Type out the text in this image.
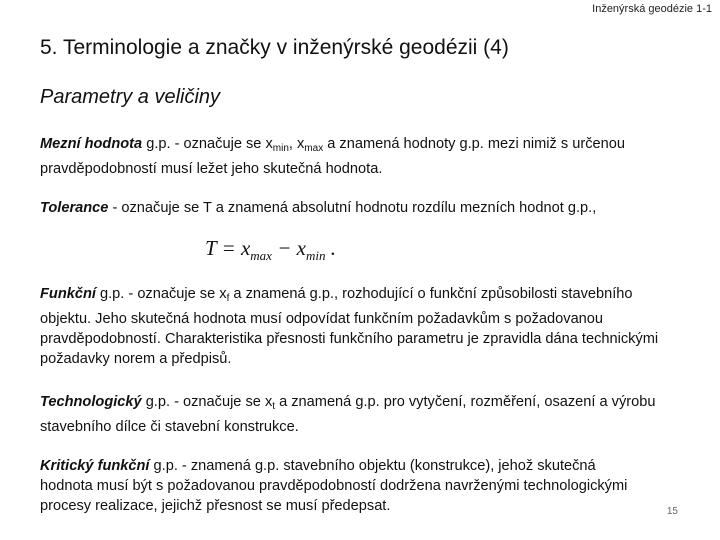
Inženýrská geodézie 1-1
5. Terminologie a značky v inženýrské geodézii (4)
Parametry a veličiny

Mezní hodnota g.p. - označuje se $x_{min}$, $x_{max}$ a znamená hodnoty g.p. mezi nimiž s určenou pravděpodobností musí ležet jeho skutečná hodnota.

Tolerance - označuje se T a znamená absolutní hodnotu rozdílu mezních hodnot g.p.,

$T = x_{max} - x_{min}$ .

Funkční g.p. - označuje se $x_f$ a znamená g.p., rozhodující o funkční způsobilosti stavebního objektu. Jeho skutečná hodnota musí odpovídat funkčním požadavkům s požadovanou pravděpodobností. Charakteristika přesnosti funkčního parametru je zpravidla dána technickými požadavky norem a předpisů.

Technologický g.p. - označuje se $x_t$ a znamená g.p. pro vytyčení, rozměření, osazení a výrobu stavebního dílce či stavební konstrukce.

Kritický funkční g.p. - znamená g.p. stavebního objektu (konstrukce), jehož skutečná hodnota musí být s požadovanou pravděpodobností dodržena navrženými technologickými procesy realizace, jejichž přesnost se musí předepsat.	15
